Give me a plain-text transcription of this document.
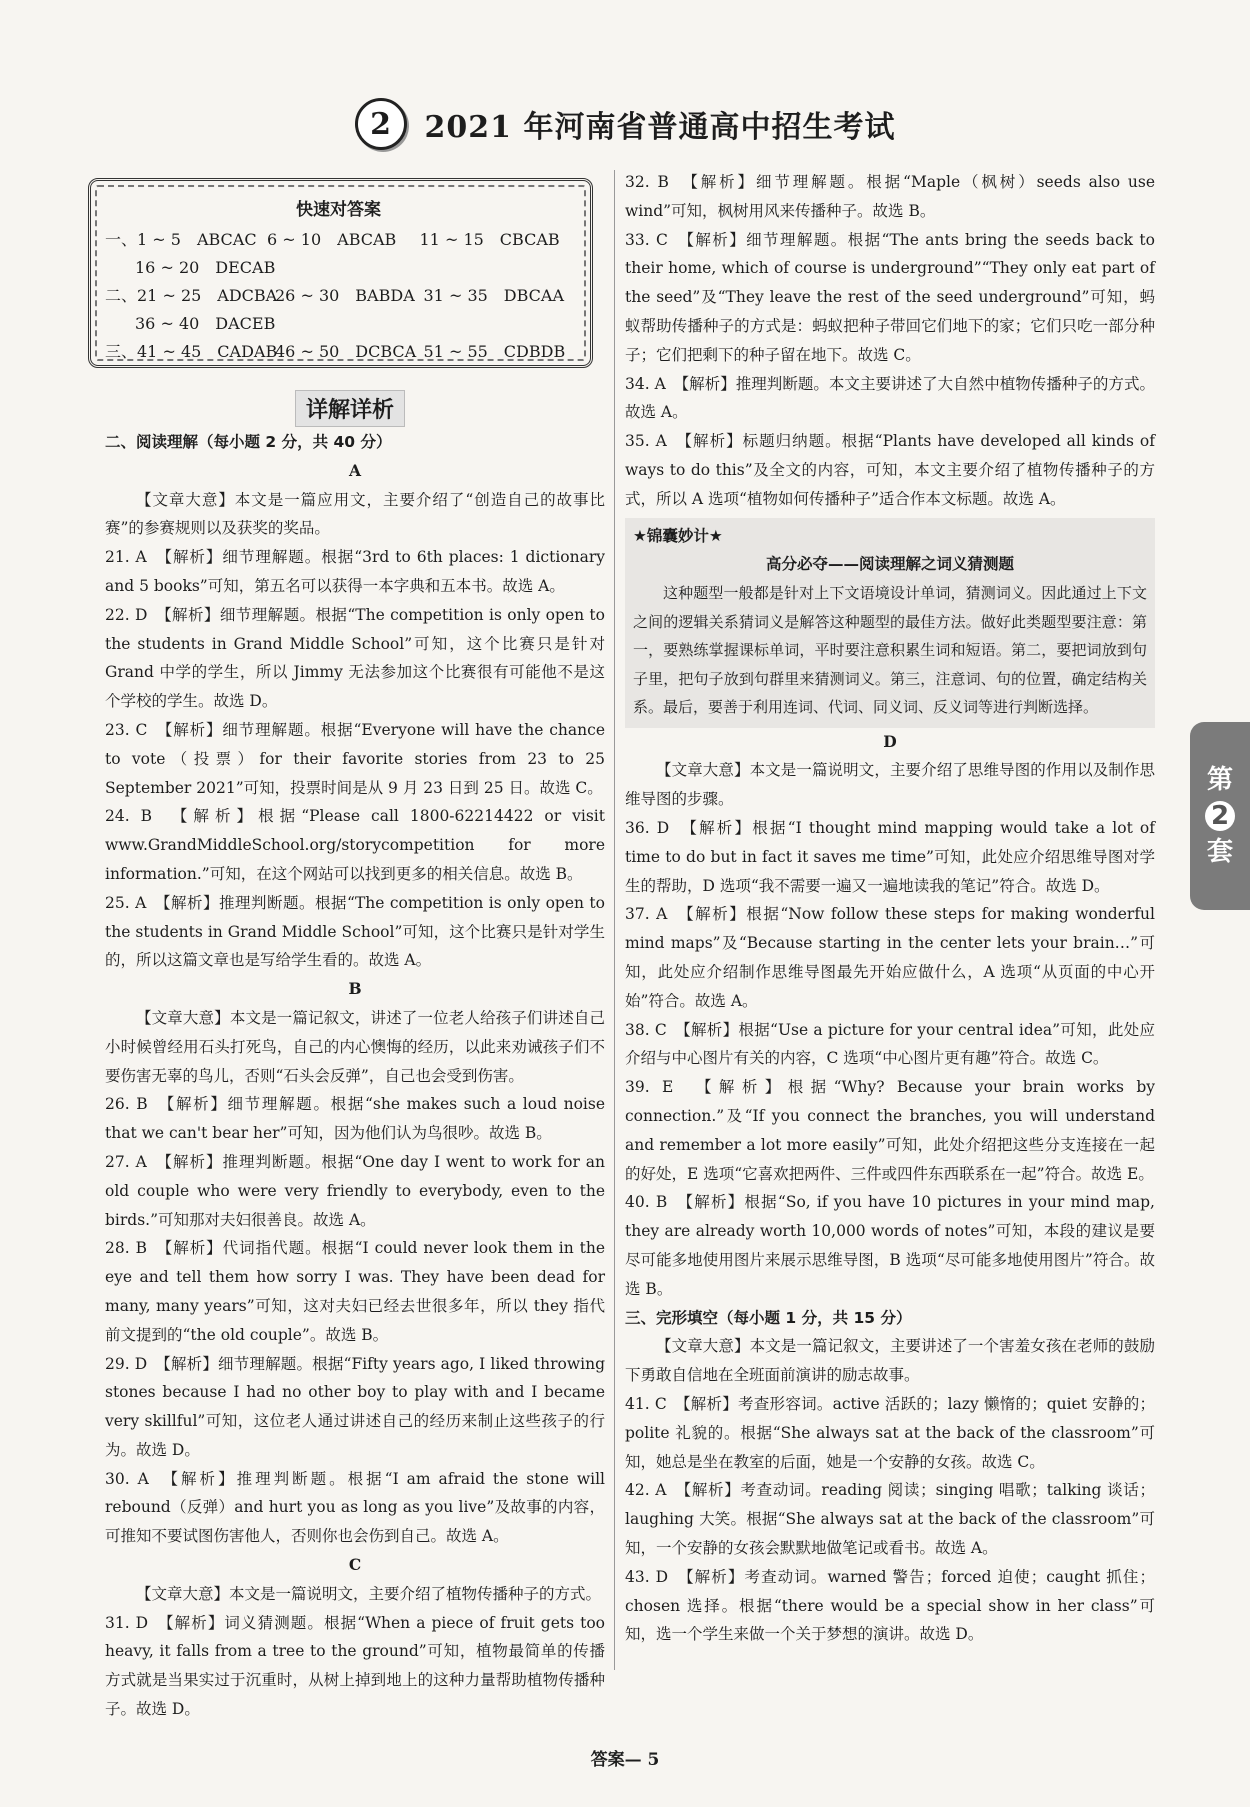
2	2021 年河南省普通高中招生考试
快速对答案
一、1 ~ 5　ABCAC 6 ~ 10　ABCAB	11 ~ 15　CBCAB
16 ~ 20　DECAB
二、21 ~ 25　ADCBA
26 ~ 30　BABDA 31 ~ 35　DBCAA
36 ~ 40　DACEB
三、41 ~ 45　CADAB
46 ~ 50　DCBCA 51 ~ 55　CDBDB
详解详析

二、阅读理解（每小题 2 分，共 40 分）

A

【文章大意】本文是一篇应用文，主要介绍了“创造自己的故事比赛”的参赛规则以及获奖的奖品。

21. A　【解析】细节理解题。根据“3rd to 6th places: 1 dictionary and 5 books”可知，第五名可以获得一本字典和五本书。故选 A。

22. D　【解析】细节理解题。根据“The competition is only open to the students in Grand Middle School”可知，这个比赛只是针对 Grand 中学的学生，所以 Jimmy 无法参加这个比赛很有可能他不是这个学校的学生。故选 D。

23. C　【解析】细节理解题。根据“Everyone will have the chance to vote（投票）for their favorite stories from 23 to 25 September 2021”可知，投票时间是从 9 月 23 日到 25 日。故选 C。

24. B　【解析】根据“Please call 1800-62214422 or visit www.GrandMiddleSchool.org/storycompetition for more information.”可知，在这个网站可以找到更多的相关信息。故选 B。

25. A　【解析】推理判断题。根据“The competition is only open to the students in Grand Middle School”可知，这个比赛只是针对学生的，所以这篇文章也是写给学生看的。故选 A。

B

【文章大意】本文是一篇记叙文，讲述了一位老人给孩子们讲述自己小时候曾经用石头打死鸟，自己的内心懊悔的经历，以此来劝诫孩子们不要伤害无辜的鸟儿，否则“石头会反弹”，自己也会受到伤害。

26. B　【解析】细节理解题。根据“she makes such a loud noise that we can't bear her”可知，因为他们认为鸟很吵。故选 B。

27. A　【解析】推理判断题。根据“One day I went to work for an old couple who were very friendly to everybody, even to the birds.”可知那对夫妇很善良。故选 A。

28. B　【解析】代词指代题。根据“I could never look them in the eye and tell them how sorry I was. They have been dead for many, many years”可知，这对夫妇已经去世很多年，所以 they 指代前文提到的“the old couple”。故选 B。

29. D　【解析】细节理解题。根据“Fifty years ago, I liked throwing stones because I had no other boy to play with and I became very skillful”可知，这位老人通过讲述自己的经历来制止这些孩子的行为。故选 D。

30. A　【解析】推理判断题。根据“I am afraid the stone will rebound（反弹）and hurt you as long as you live”及故事的内容，可推知不要试图伤害他人，否则你也会伤到自己。故选 A。

C

【文章大意】本文是一篇说明文，主要介绍了植物传播种子的方式。

31. D　【解析】词义猜测题。根据“When a piece of fruit gets too heavy, it falls from a tree to the ground”可知，植物最简单的传播方式就是当果实过于沉重时，从树上掉到地上的这种力量帮助植物传播种子。故选 D。

32. B　【解析】细节理解题。根据“Maple（枫树）seeds also use wind”可知，枫树用风来传播种子。故选 B。

33. C　【解析】细节理解题。根据“The ants bring the seeds back to their home, which of course is underground”“They only eat part of the seed”及“They leave the rest of the seed underground”可知，蚂蚁帮助传播种子的方式是：蚂蚁把种子带回它们地下的家；它们只吃一部分种子；它们把剩下的种子留在地下。故选 C。

34. A　【解析】推理判断题。本文主要讲述了大自然中植物传播种子的方式。故选 A。

35. A　【解析】标题归纳题。根据“Plants have developed all kinds of ways to do this”及全文的内容，可知，本文主要介绍了植物传播种子的方式，所以 A 选项“植物如何传播种子”适合作本文标题。故选 A。

★锦囊妙计★
高分必夺——阅读理解之词义猜测题
这种题型一般都是针对上下文语境设计单词，猜测词义。因此通过上下文之间的逻辑关系猜词义是解答这种题型的最佳方法。做好此类题型要注意：第一，要熟练掌握课标单词，平时要注意积累生词和短语。第二，要把词放到句子里，把句子放到句群里来猜测词义。第三，注意词、句的位置，确定结构关系。最后，要善于利用连词、代词、同义词、反义词等进行判断选择。

D

【文章大意】本文是一篇说明文，主要介绍了思维导图的作用以及制作思维导图的步骤。

36. D　【解析】根据“I thought mind mapping would take a lot of time to do but in fact it saves me time”可知，此处应介绍思维导图对学生的帮助，D 选项“我不需要一遍又一遍地读我的笔记”符合。故选 D。

37. A　【解析】根据“Now follow these steps for making wonderful mind maps”及“Because starting in the center lets your brain…”可知，此处应介绍制作思维导图最先开始应做什么，A 选项“从页面的中心开始”符合。故选 A。

38. C　【解析】根据“Use a picture for your central idea”可知，此处应介绍与中心图片有关的内容，C 选项“中心图片更有趣”符合。故选 C。

39. E　【解析】根据“Why? Because your brain works by connection.”及“If you connect the branches, you will understand and remember a lot more easily”可知，此处介绍把这些分支连接在一起的好处，E 选项“它喜欢把两件、三件或四件东西联系在一起”符合。故选 E。

40. B　【解析】根据“So, if you have 10 pictures in your mind map, they are already worth 10,000 words of notes”可知，本段的建议是要尽可能多地使用图片来展示思维导图，B 选项“尽可能多地使用图片”符合。故选 B。

三、完形填空（每小题 1 分，共 15 分）

【文章大意】本文是一篇记叙文，主要讲述了一个害羞女孩在老师的鼓励下勇敢自信地在全班面前演讲的励志故事。

41. C　【解析】考查形容词。active 活跃的；lazy 懒惰的；quiet 安静的；polite 礼貌的。根据“She always sat at the back of the classroom”可知，她总是坐在教室的后面，她是一个安静的女孩。故选 C。

42. A　【解析】考查动词。reading 阅读；singing 唱歌；talking 谈话；laughing 大笑。根据“She always sat at the back of the classroom”可知，一个安静的女孩会默默地做笔记或看书。故选 A。

43. D　【解析】考查动词。warned 警告；forced 迫使；caught 抓住；chosen 选择。根据“there would be a special show in her class”可知，选一个学生来做一个关于梦想的演讲。故选 D。

第
2
套
答案— 5
